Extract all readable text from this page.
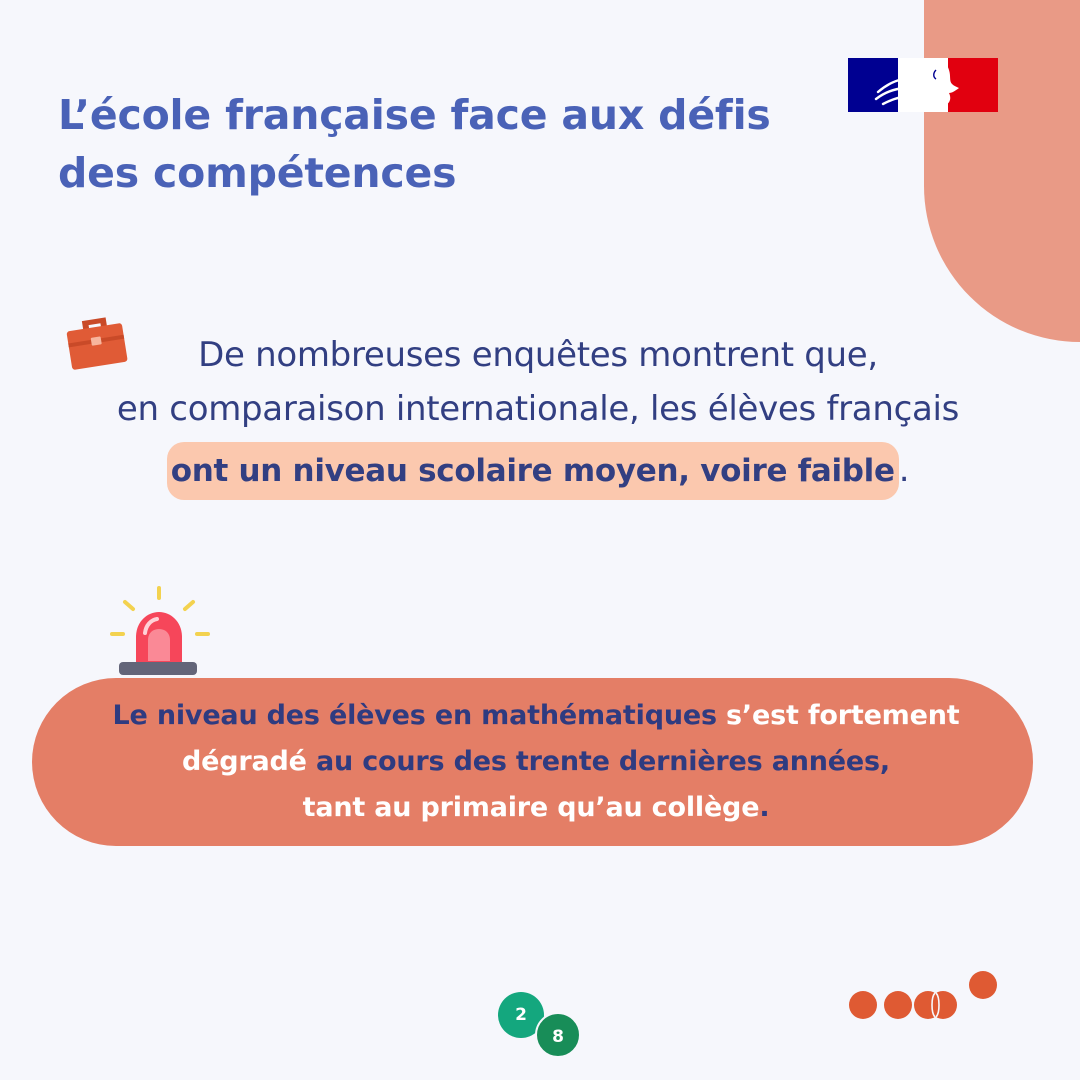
L’école française face aux défis
des compétences
De nombreuses enquêtes montrent que,
en comparaison internationale, les élèves français
ont un niveau scolaire moyen, voire faible .
Le niveau des élèves en mathématiques s’est fortement
dégradé au cours des trente dernières années,
tant au primaire qu’au collège.
2
8
